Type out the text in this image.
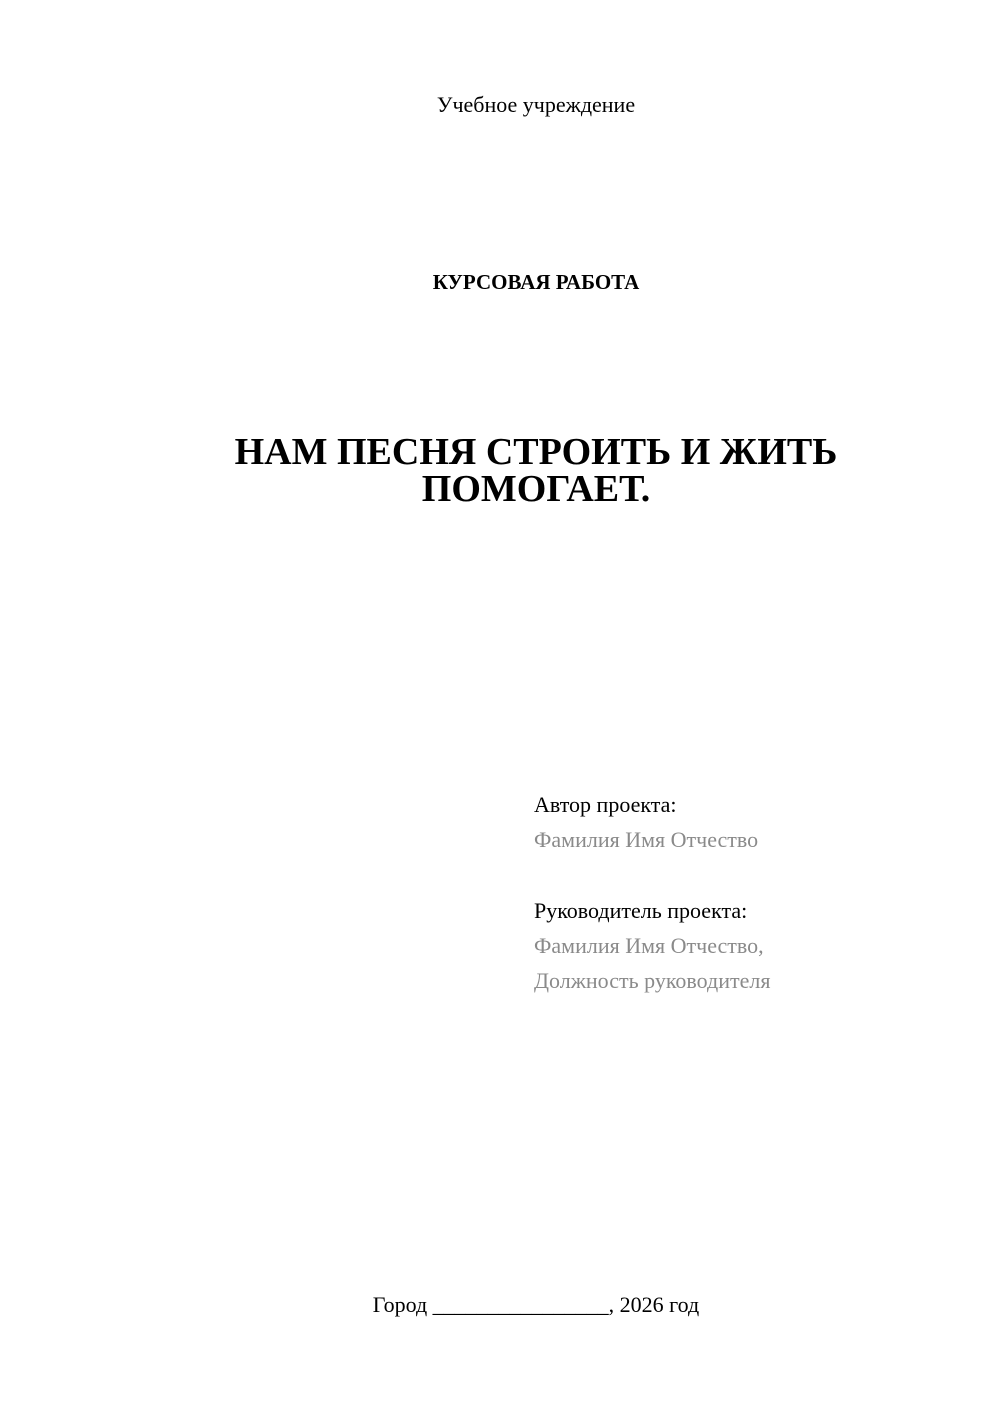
Учебное учреждение
КУРСОВАЯ РАБОТА
НАМ ПЕСНЯ СТРОИТЬ И ЖИТЬ
ПОМОГАЕТ.
Автор проекта:
Фамилия Имя Отчество
Руководитель проекта:
Фамилия Имя Отчество,
Должность руководителя
Город ________________, 2026 год
